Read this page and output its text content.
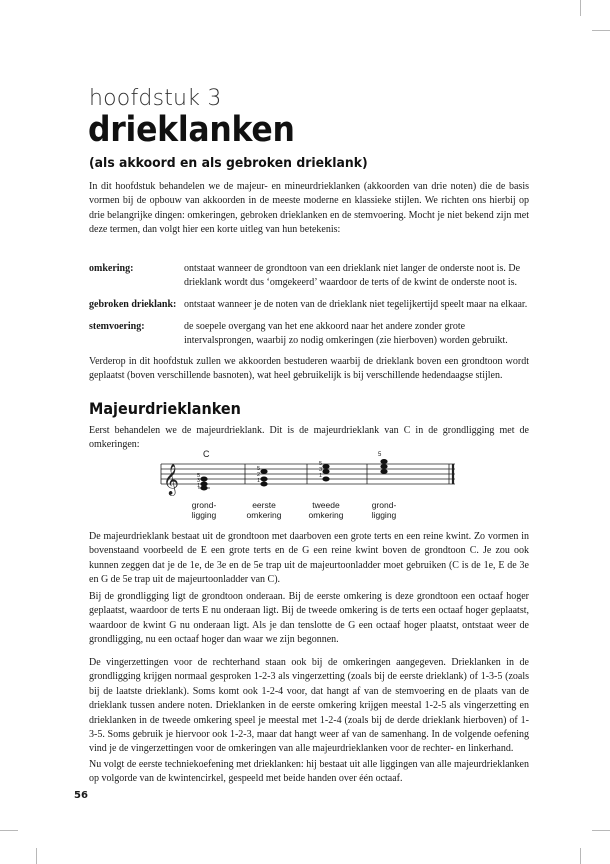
hoofdstuk 3
drieklanken
(als akkoord en als gebroken drieklank)

In dit hoofdstuk behandelen we de majeur- en mineurdrieklanken (akkoorden van drie noten) die de basis vormen bij de opbouw van akkoorden in de meeste moderne en klassieke stijlen. We richten ons hierbij op drie belangrijke dingen: omkeringen, gebroken drieklanken en de stemvoering. Mocht je niet bekend zijn met deze termen, dan volgt hier een korte uitleg van hun betekenis:

omkering:	ontstaat wanneer de grondtoon van een drieklank niet langer de onderste noot is. De drieklank wordt dus ‘omgekeerd’ waardoor de terts of de kwint de onderste noot is.
gebroken drieklank: ontstaat wanneer je de noten van de drieklank niet tegelijkertijd speelt maar na elkaar.
stemvoering:	de soepele overgang van het ene akkoord naar het andere zonder grote intervalsprongen, waarbij zo nodig omkeringen (zie hierboven) worden gebruikt.

Verderop in dit hoofdstuk zullen we akkoorden bestuderen waarbij de drieklank boven een grondtoon wordt geplaatst (boven verschillende basnoten), wat heel gebruikelijk is bij verschillende hedendaagse stijlen.

Majeurdrieklanken

Eerst behandelen we de majeurdrieklank. Dit is de majeurdrieklank van C in de grondligging met de omkeringen:

𝄞
C
5
3
1
5
2
1
5
3
1
5
grond-
ligging
eerste
omkering
tweede
omkering
grond-
ligging

De majeurdrieklank bestaat uit de grondtoon met daarboven een grote terts en een reine kwint. Zo vormen in bovenstaand voorbeeld de E een grote terts en de G een reine kwint boven de grondtoon C. Je zou ook kunnen zeggen dat je de 1e, de 3e en de 5e trap uit de majeurtoonladder moet gebruiken (C is de 1e, E de 3e en G de 5e trap uit de majeurtoonladder van C).

Bij de grondligging ligt de grondtoon onderaan. Bij de eerste omkering is deze grondtoon een octaaf hoger geplaatst, waardoor de terts E nu onderaan ligt. Bij de tweede omkering is de terts een octaaf hoger geplaatst, waardoor de kwint G nu onderaan ligt. Als je dan tenslotte de G een octaaf hoger plaatst, ontstaat weer de grondligging, nu een octaaf hoger dan waar we zijn begonnen.

De vingerzettingen voor de rechterhand staan ook bij de omkeringen aangegeven. Drieklanken in de grondligging krijgen normaal gesproken 1-2-3 als vingerzetting (zoals bij de eerste drieklank) of 1-3-5 (zoals bij de laatste drieklank). Soms komt ook 1-2-4 voor, dat hangt af van de stemvoering en de plaats van de drieklank tussen andere noten. Drieklanken in de eerste omkering krijgen meestal 1-2-5 als vingerzetting en drieklanken in de tweede omkering speel je meestal met 1-2-4 (zoals bij de derde drieklank hierboven) of 1-3-5. Soms gebruik je hiervoor ook 1-2-3, maar dat hangt weer af van de samenhang. In de volgende oefening vind je de vingerzettingen voor de omkeringen van alle majeurdrieklanken voor de rechter- en linkerhand.

Nu volgt de eerste techniekoefening met drieklanken: hij bestaat uit alle liggingen van alle majeurdrieklanken op volgorde van de kwintencirkel, gespeeld met beide handen over één octaaf.

56
